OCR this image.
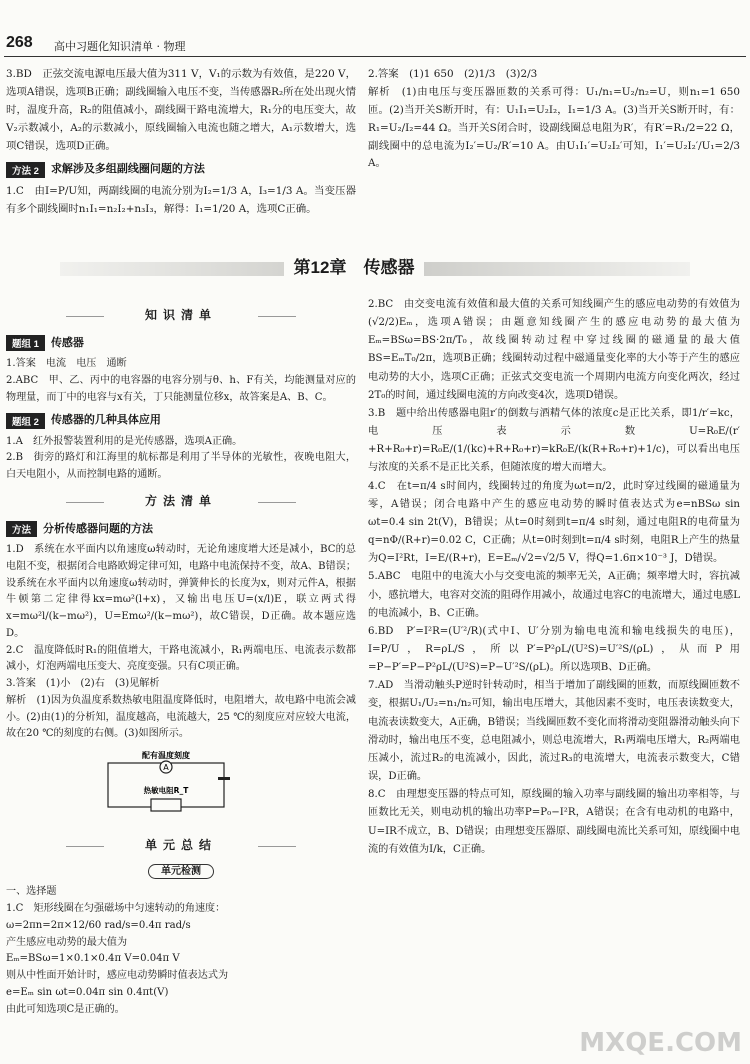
268 高中习题化知识清单 · 物理

3.BD　正弦交流电源电压最大值为311 V，V₁的示数为有效值，是220 V，选项A错误，选项B正确；副线圈输入电压不变，当传感器R₂所在处出现火情时，温度升高，R₂的阻值减小，副线圈干路电流增大，R₁分的电压变大，故V₂示数减小，A₂的示数减小，原线圈输入电流也随之增大，A₁示数增大，选项C错误，选项D正确。

方法 2	求解涉及多组副线圈问题的方法

1.C　由I=P/U知，两副线圈的电流分别为I₂=1/3 A，I₃=1/3 A。当变压器有多个副线圈时n₁I₁=n₂I₂+n₃I₃，解得：I₁=1/20 A，选项C正确。

2.答案　(1)1 650　(2)1/3　(3)2/3

解析　(1)由电压与变压器匝数的关系可得：U₁/n₁=U₂/n₂=U，则n₁=1 650匝。(2)当开关S断开时，有：U₁I₁=U₂I₂，I₁=1/3 A。(3)当开关S断开时，有：R₁=U₂/I₂=44 Ω。当开关S闭合时，设副线圈总电阻为R′，有R′=R₁/2=22 Ω，副线圈中的总电流为I₂′=U₂/R′=10 A。由U₁I₁′=U₂I₂′可知，I₁′=U₂I₂′/U₁=2/3 A。

第12章　传感器
知识清单
题组 1	传感器

1.答案　电流　电压　通断

2.ABC　甲、乙、丙中的电容器的电容分别与θ、h、F有关，均能测量对应的物理量，而丁中的电容与x有关，丁只能测量位移x，故答案是A、B、C。

题组 2	传感器的几种具体应用

1.A　红外报警装置利用的是光传感器，选项A正确。

2.B　街旁的路灯和江海里的航标都是利用了半导体的光敏性，夜晚电阻大，白天电阻小，从而控制电路的通断。

方法清单
方法	分析传感器问题的方法

1.D　系统在水平面内以角速度ω转动时，无论角速度增大还是减小，BC的总电阻不变，根据闭合电路欧姆定律可知，电路中电流保持不变，故A、B错误；设系统在水平面内以角速度ω转动时，弹簧伸长的长度为x，则对元件A，根据牛顿第二定律得kx=mω²(l+x)，又输出电压U=(x/l)E，联立两式得x=mω²l/(k−mω²)，U=Emω²/(k−mω²)，故C错误，D正确。故本题应选D。

2.C　温度降低时R₁的阻值增大，干路电流减小，R₁两端电压、电流表示数都减小，灯泡两端电压变大、亮度变强。只有C项正确。

3.答案　(1)小　(2)右　(3)见解析

解析　(1)因为负温度系数热敏电阻温度降低时，电阻增大，故电路中电流会减小。(2)由(1)的分析知，温度越高，电流越大，25 ℃的刻度应对应较大电流，故在20 ℃的刻度的右侧。(3)如图所示。

配有温度刻度
A
热敏电阻R_T
单元总结
单元检测

一、选择题

1.C　矩形线圈在匀强磁场中匀速转动的角速度：

ω=2πn=2π×12/60 rad/s=0.4π rad/s

产生感应电动势的最大值为

Eₘ=BSω=1×0.1×0.4π V=0.04π V

则从中性面开始计时，感应电动势瞬时值表达式为

e=Eₘ sin ωt=0.04π sin 0.4πt(V)

由此可知选项C是正确的。

2.BC　由交变电流有效值和最大值的关系可知线圈产生的感应电动势的有效值为(√2/2)Eₘ，选项A错误；由题意知线圈产生的感应电动势的最大值为Eₘ=BSω=BS·2π/T₀，故线圈转动过程中穿过线圈的磁通量的最大值BS=EₘT₀/2π，选项B正确；线圈转动过程中磁通量变化率的大小等于产生的感应电动势的大小，选项C正确；正弦式交变电流一个周期内电流方向变化两次，经过2T₀的时间，通过线圈电流的方向改变4次，选项D错误。

3.B　题中给出传感器电阻r′的倒数与酒精气体的浓度c是正比关系，即1/r′=kc，电压表示数U=R₀E/(r′+R+R₀+r)=R₀E/(1/(kc)+R+R₀+r)=kR₀E/(k(R+R₀+r)+1/c)，可以看出电压与浓度的关系不是正比关系，但随浓度的增大而增大。

4.C　在t=π/4 s时间内，线圈转过的角度为ωt=π/2，此时穿过线圈的磁通量为零，A错误；闭合电路中产生的感应电动势的瞬时值表达式为e=nBSω sin ωt=0.4 sin 2t(V)，B错误；从t=0时刻到t=π/4 s时刻，通过电阻R的电荷量为q=nΦ/(R+r)=0.02 C，C正确；从t=0时刻到t=π/4 s时刻，电阻R上产生的热量为Q=I²Rt，I=E/(R+r)，E=Eₘ/√2=√2/5 V，得Q=1.6π×10⁻³ J，D错误。

5.ABC　电阻中的电流大小与交变电流的频率无关，A正确；频率增大时，容抗减小，感抗增大，电容对交流的阻碍作用减小，故通过电容C的电流增大，通过电感L的电流减小，B、C正确。

6.BD　P′=I²R=(U′²/R)(式中I、U′分别为输电电流和输电线损失的电压)，I=P/U，R=ρL/S，所以P′=P²ρL/(U²S)=U′²S/(ρL)，从而P用=P−P′=P−P²ρL/(U²S)=P−U′²S/(ρL)。所以选项B、D正确。

7.AD　当滑动触头P逆时针转动时，相当于增加了副线圈的匝数，而原线圈匝数不变，根据U₁/U₂=n₁/n₂可知，输出电压增大，其他因素不变时，电压表读数变大，电流表读数变大，A正确，B错误；当线圈匝数不变化而将滑动变阻器滑动触头向下滑动时，输出电压不变，总电阻减小，则总电流增大，R₁两端电压增大，R₂两端电压减小，流过R₂的电流减小，因此，流过R₃的电流增大，电流表示数变大，C错误，D正确。

8.C　由理想变压器的特点可知，原线圈的输入功率与副线圈的输出功率相等，与匝数比无关，则电动机的输出功率P=P₀−I²R，A错误；在含有电动机的电路中，U=IR不成立，B、D错误；由理想变压器原、副线圈电流比关系可知，原线圈中电流的有效值为I/k，C正确。

MXQE.COM
